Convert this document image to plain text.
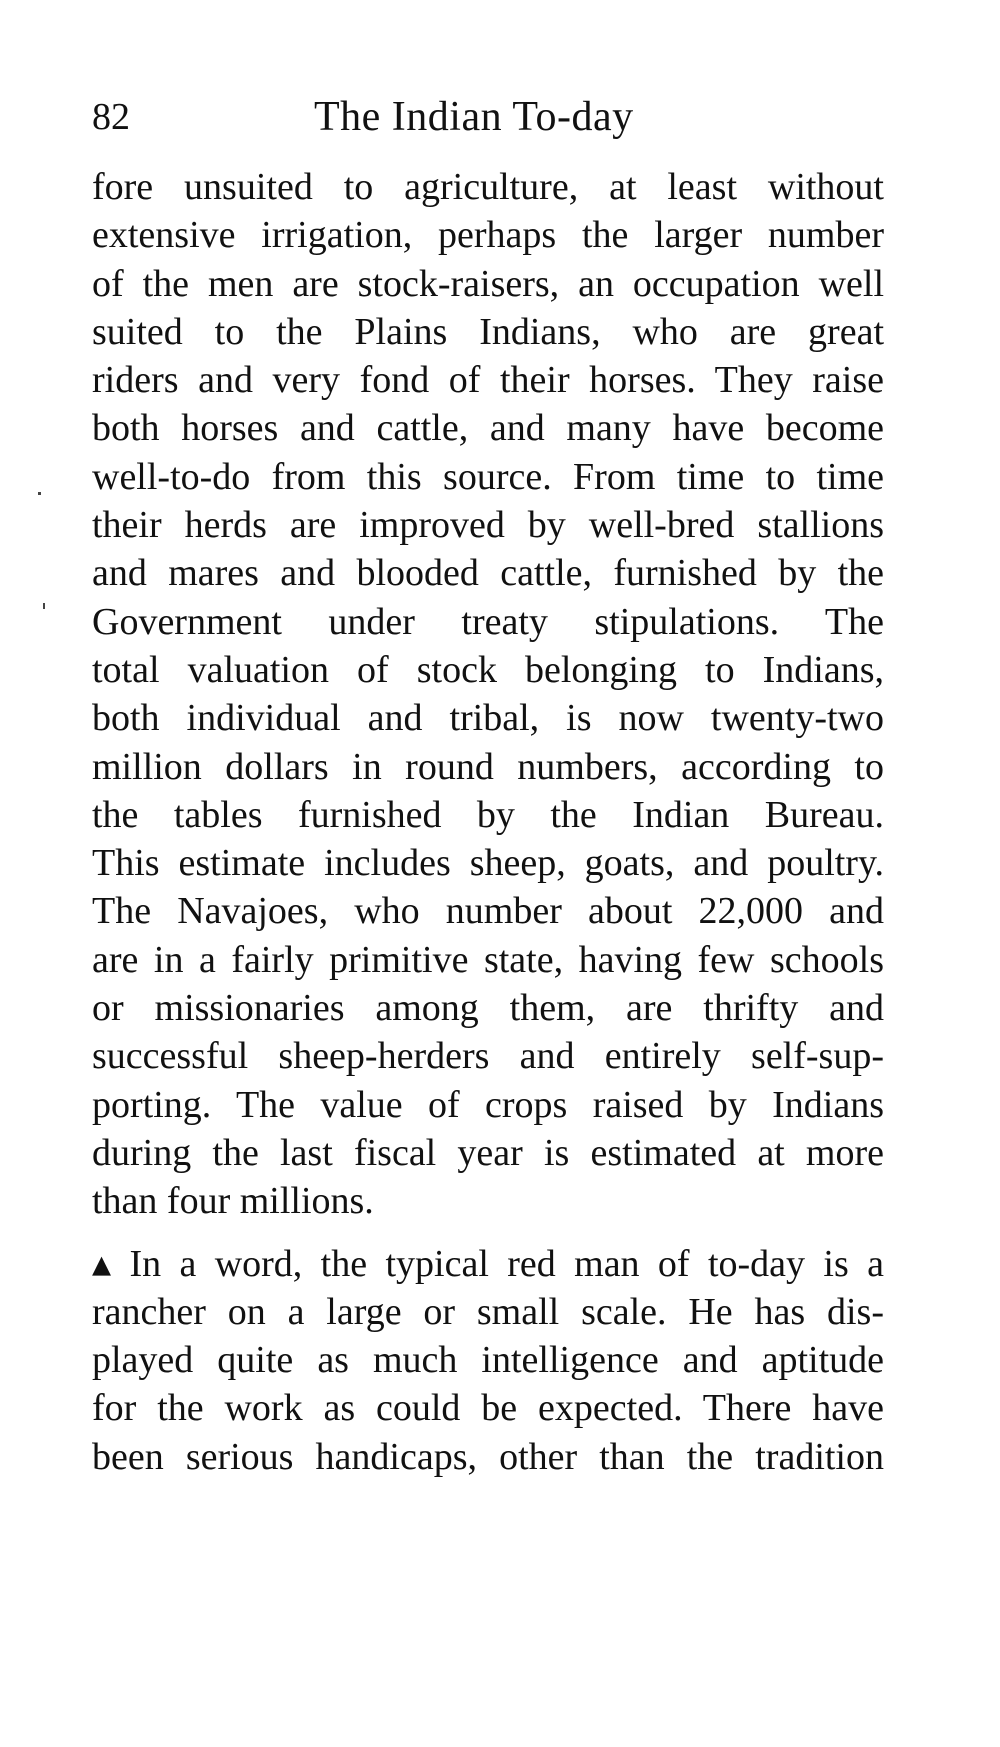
82	The Indian To-day
fore unsuited to agriculture, at least without
extensive irrigation, perhaps the larger number
of the men are stock-raisers, an occupation well
suited to the Plains Indians, who are great
riders and very fond of their horses. They raise
both horses and cattle, and many have become
well-to-do from this source. From time to time
their herds are improved by well-bred stallions
and mares and blooded cattle, furnished by the
Government under treaty stipulations. The
total valuation of stock belonging to Indians,
both individual and tribal, is now twenty-two
million dollars in round numbers, according to
the tables furnished by the Indian Bureau.
This estimate includes sheep, goats, and poultry.
The Navajoes, who number about 22,000 and
are in a fairly primitive state, having few schools
or missionaries among them, are thrifty and
successful sheep-herders and entirely self-sup-
porting. The value of crops raised by Indians
during the last fiscal year is estimated at more
than four millions.
▴ In a word, the typical red man of to-day is a
rancher on a large or small scale. He has dis-
played quite as much intelligence and aptitude
for the work as could be expected. There have
been serious handicaps, other than the tradition
